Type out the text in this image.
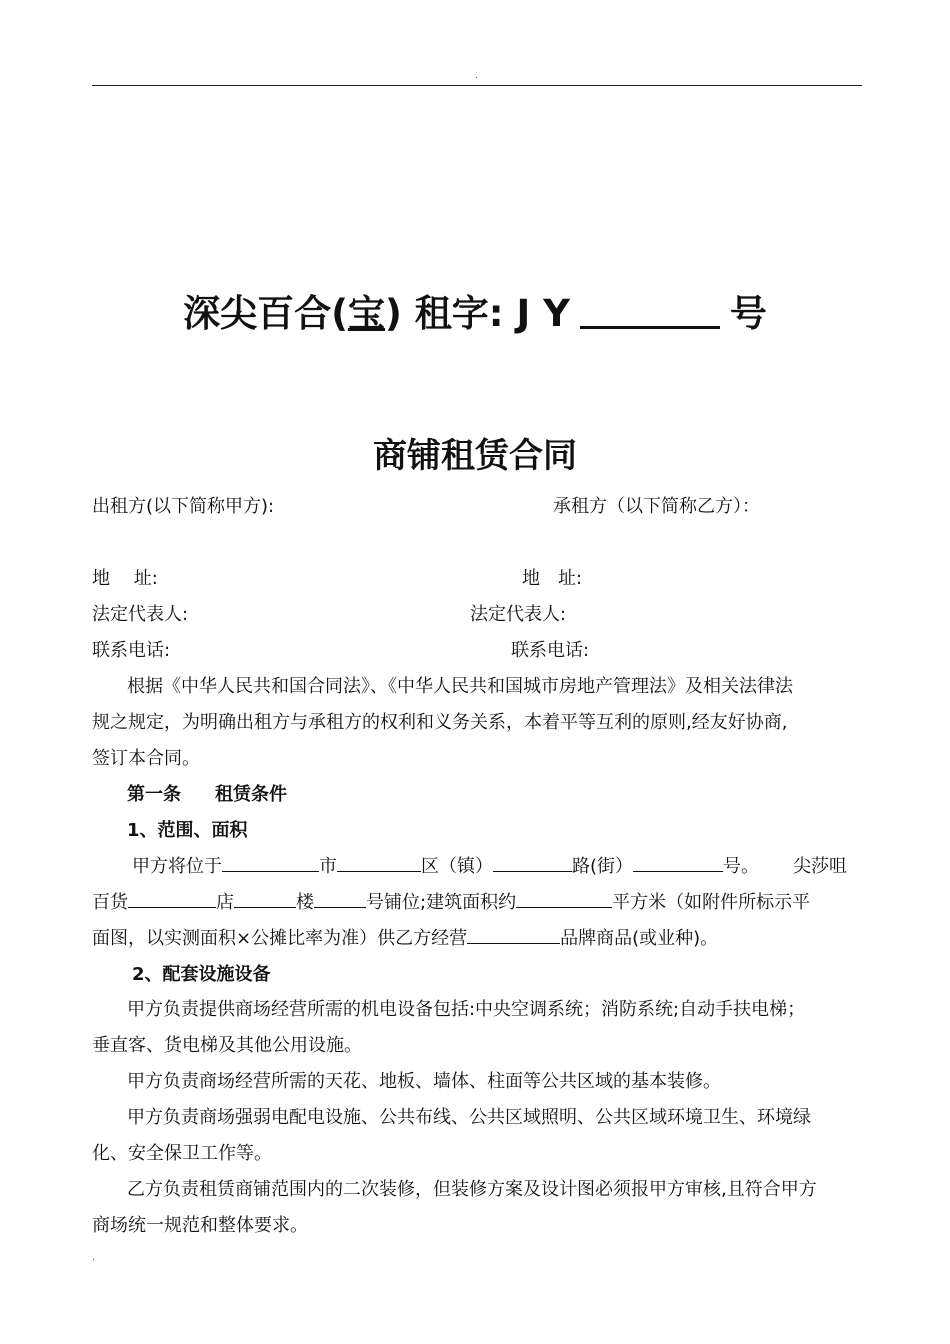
.
深尖百合(宝) 租字: J Y	号
商铺租赁合同
出租方(以下简称甲方):	承租方（以下简称乙方）：
地　 址:	地　址:
法定代表人:	法定代表人:
联系电话:	联系电话:
根据《中华人民共和国合同法》、《中华人民共和国城市房地产管理法》及相关法律法
规之规定，为明确出租方与承租方的权利和义务关系，本着平等互利的原则,经友好协商,
签订本合同。
第一条 租赁条件
1、范围、面积
甲方将位于	市	区（镇）	路(街）	号。 尖莎咀
百货	店	楼	号铺位;建筑面积约	平方米（如附件所标示平
面图，以实测面积×公摊比率为准）供乙方经营	品牌商品(或业种)。
2、配套设施设备
甲方负责提供商场经营所需的机电设备包括:中央空调系统；消防系统;自动手扶电梯；
垂直客、货电梯及其他公用设施。
甲方负责商场经营所需的天花、地板、墙体、柱面等公共区域的基本装修。
甲方负责商场强弱电配电设施、公共布线、公共区域照明、公共区域环境卫生、环境绿
化、安全保卫工作等。
乙方负责租赁商铺范围内的二次装修，但装修方案及设计图必须报甲方审核,且符合甲方
商场统一规范和整体要求。
.
